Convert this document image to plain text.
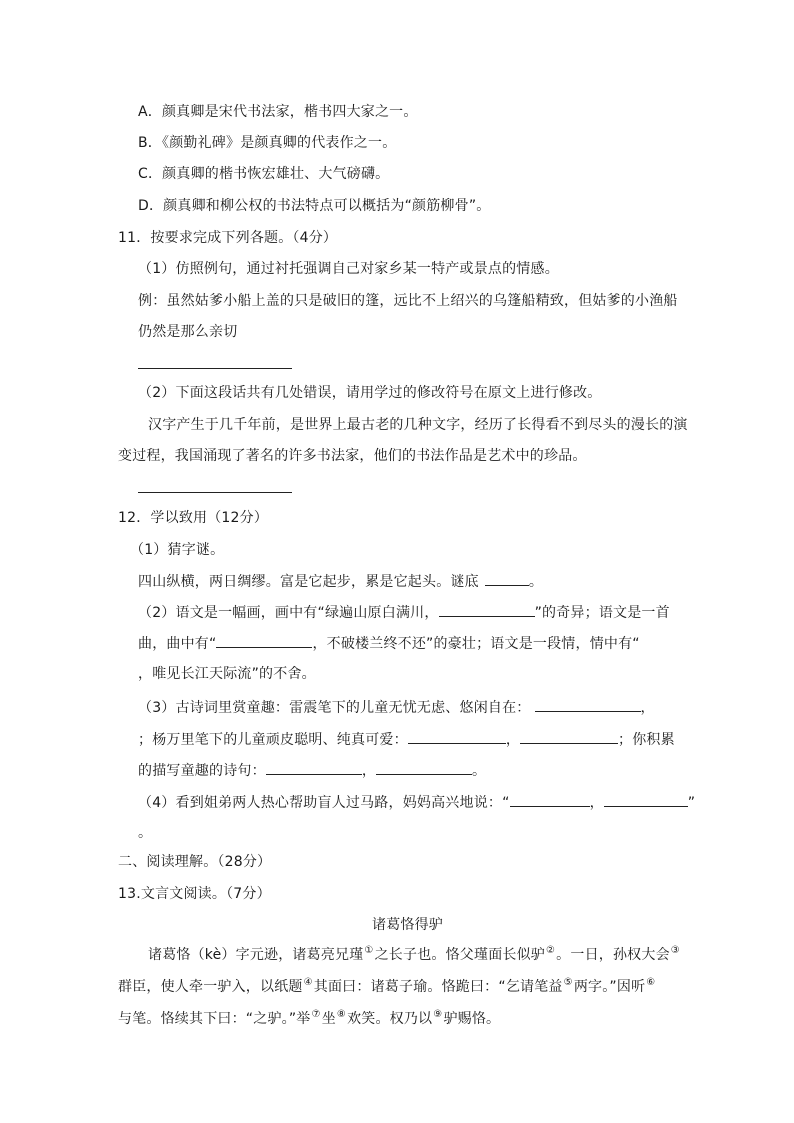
A．颜真卿是宋代书法家，楷书四大家之一。
B．《颜勤礼碑》是颜真卿的代表作之一。
C．颜真卿的楷书恢宏雄壮、大气磅礴。
D．颜真卿和柳公权的书法特点可以概括为“颜筋柳骨”。
11．按要求完成下列各题。（4分）
（1）仿照例句，通过衬托强调自己对家乡某一特产或景点的情感。
例：虽然姑爹小船上盖的只是破旧的篷，远比不上绍兴的乌篷船精致，但姑爹的小渔船
仍然是那么亲切
（2）下面这段话共有几处错误，请用学过的修改符号在原文上进行修改。
汉字产生于几千年前，是世界上最古老的几种文字，经历了长得看不到尽头的漫长的演
变过程，我国涌现了著名的许多书法家，他们的书法作品是艺术中的珍品。
12．学以致用（12分）
（1）猜字谜。
四山纵横，两日绸缪。富是它起步，累是它起头。谜底	。
（2）语文是一幅画，画中有“绿遍山原白满川，	”的奇异；语文是一首
曲，曲中有“	，不破楼兰终不还”的豪壮；语文是一段情，情中有“
，唯见长江天际流”的不舍。
（3）古诗词里赏童趣：雷震笔下的儿童无忧无虑、悠闲自在：	，
；杨万里笔下的儿童顽皮聪明、纯真可爱：	，	；你积累
的描写童趣的诗句：	，	。
（4）看到姐弟两人热心帮助盲人过马路，妈妈高兴地说：“	，	”
。
二、阅读理解。（28分）
13.文言文阅读。（7分）
诸葛恪得驴
诸葛恪（kè）字元逊，诸葛亮兄瑾①之长子也。恪父瑾面长似驴②。一日，孙权大会③
群臣，使人牵一驴入，以纸题④其面曰：诸葛子瑜。恪跪曰：“乞请笔益⑤两字。”因听⑥
与笔。恪续其下曰：“之驴。”举⑦坐⑧欢笑。权乃以⑨驴赐恪。
